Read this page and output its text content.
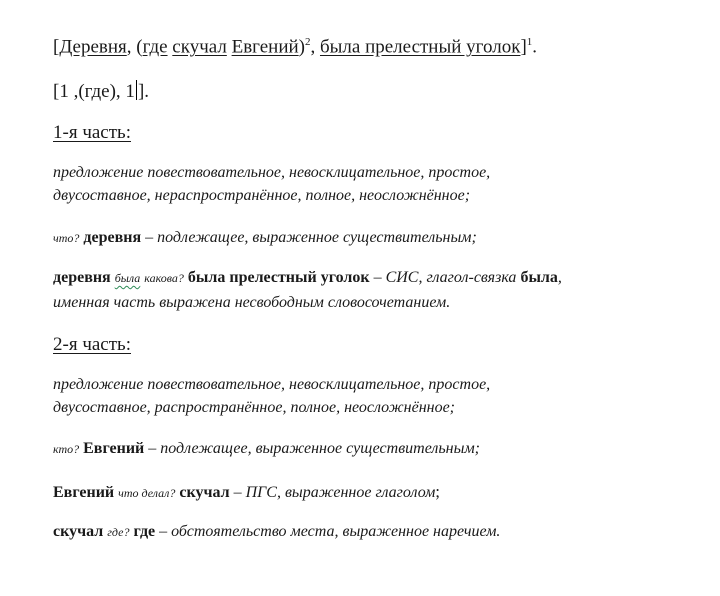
[Деревня, (где скучал Евгений)$^2$, была прелестный уголок]$^1$.
[1 ,(где), 1 ].
1-я часть:
предложение повествовательное, невосклицательное, простое,
двусоставное, нераспространённое, полное, неосложнённое;
что? деревня – подлежащее, выраженное существительным;
деревня была какова? была прелестный уголок – СИС, глагол-связка была,
именная часть выражена несвободным словосочетанием.
2-я часть:
предложение повествовательное, невосклицательное, простое,
двусоставное, распространённое, полное, неосложнённое;
кто? Евгений – подлежащее, выраженное существительным;
Евгений что делал? скучал – ПГС, выраженное глаголом;
скучал где? где – обстоятельство места, выраженное наречием.
